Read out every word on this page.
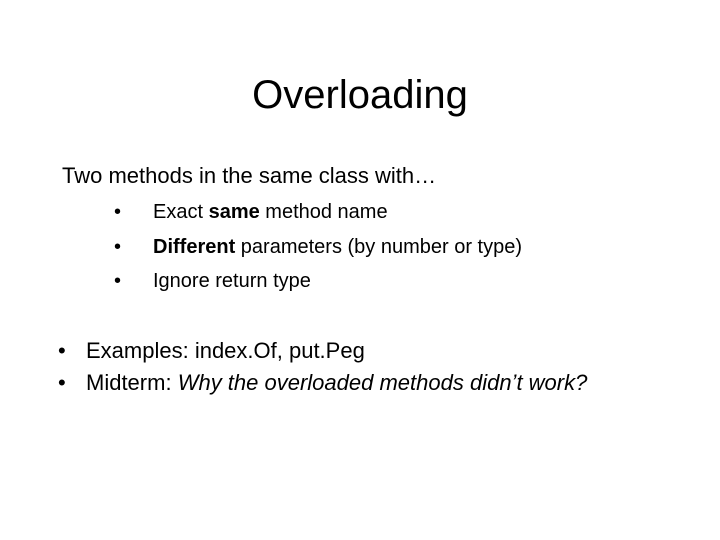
Overloading

Two methods in the same class with…

• Exact same method name
• Different parameters (by number or type)
• Ignore return type
• Examples: index.Of, put.Peg
• Midterm: Why the overloaded methods didn’t work?
